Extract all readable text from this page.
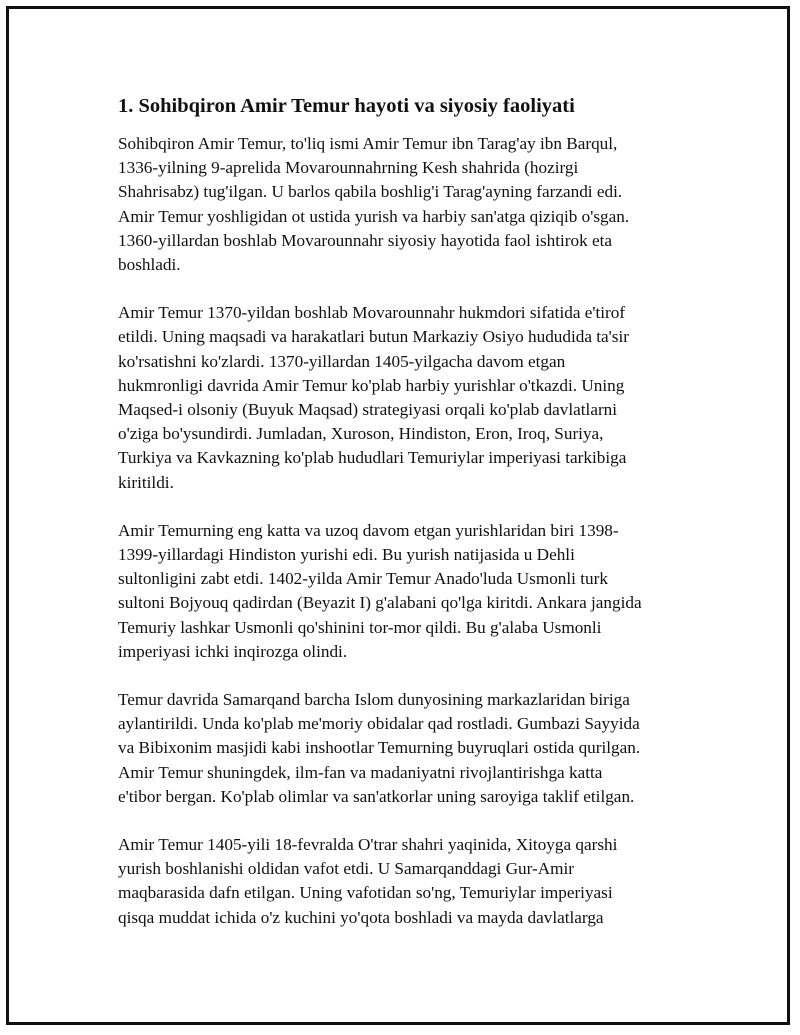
1. Sohibqiron Amir Temur hayoti va siyosiy faoliyati
Sohibqiron Amir Temur, to'liq ismi Amir Temur ibn Tarag'ay ibn Barqul,
1336-yilning 9-aprelida Movarounnahrning Kesh shahrida (hozirgi
Shahrisabz) tug'ilgan. U barlos qabila boshlig'i Tarag'ayning farzandi edi.
Amir Temur yoshligidan ot ustida yurish va harbiy san'atga qiziqib o'sgan.
1360-yillardan boshlab Movarounnahr siyosiy hayotida faol ishtirok eta
boshladi.
Amir Temur 1370-yildan boshlab Movarounnahr hukmdori sifatida e'tirof
etildi. Uning maqsadi va harakatlari butun Markaziy Osiyo hududida ta'sir
ko'rsatishni ko'zlardi. 1370-yillardan 1405-yilgacha davom etgan
hukmronligi davrida Amir Temur ko'plab harbiy yurishlar o'tkazdi. Uning
Maqsed-i olsoniy (Buyuk Maqsad) strategiyasi orqali ko'plab davlatlarni
o'ziga bo'ysundirdi. Jumladan, Xuroson, Hindiston, Eron, Iroq, Suriya,
Turkiya va Kavkazning ko'plab hududlari Temuriylar imperiyasi tarkibiga
kiritildi.
Amir Temurning eng katta va uzoq davom etgan yurishlaridan biri 1398-
1399-yillardagi Hindiston yurishi edi. Bu yurish natijasida u Dehli
sultonligini zabt etdi. 1402-yilda Amir Temur Anado'luda Usmonli turk
sultoni Bojyouq qadirdan (Beyazit I) g'alabani qo'lga kiritdi. Ankara jangida
Temuriy lashkar Usmonli qo'shinini tor-mor qildi. Bu g'alaba Usmonli
imperiyasi ichki inqirozga olindi.
Temur davrida Samarqand barcha Islom dunyosining markazlaridan biriga
aylantirildi. Unda ko'plab me'moriy obidalar qad rostladi. Gumbazi Sayyida
va Bibixonim masjidi kabi inshootlar Temurning buyruqlari ostida qurilgan.
Amir Temur shuningdek, ilm-fan va madaniyatni rivojlantirishga katta
e'tibor bergan. Ko'plab olimlar va san'atkorlar uning saroyiga taklif etilgan.
Amir Temur 1405-yili 18-fevralda O'trar shahri yaqinida, Xitoyga qarshi
yurish boshlanishi oldidan vafot etdi. U Samarqanddagi Gur-Amir
maqbarasida dafn etilgan. Uning vafotidan so'ng, Temuriylar imperiyasi
qisqa muddat ichida o'z kuchini yo'qota boshladi va mayda davlatlarga
